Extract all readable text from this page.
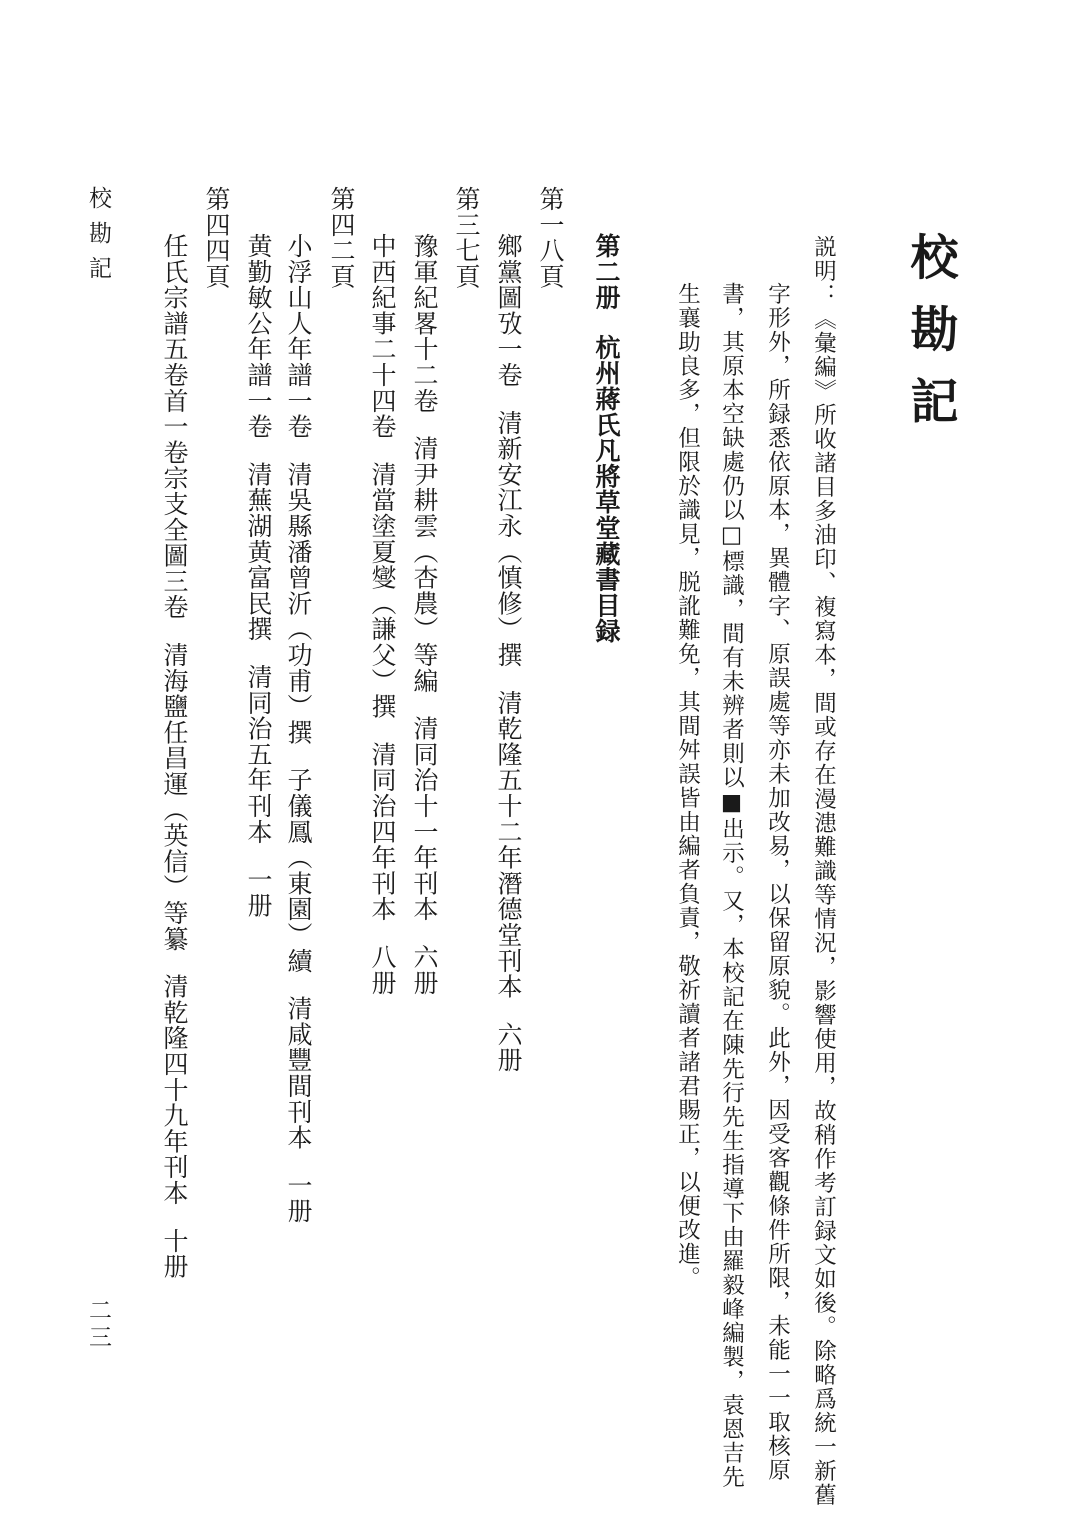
校勘記
説明：《彙編》所收諸目多油印、複寫本，間或存在漫漶難識等情況，影響使用，故稍作考訂録文如後。除略爲統一新舊
字形外，所録悉依原本，異體字、原誤處等亦未加改易，以保留原貌。此外，因受客觀條件所限，未能一一取核原
書，其原本空缺處仍以□標識，間有未辨者則以■出示。又，本校記在陳先行先生指導下由羅毅峰編製，袁恩吉先
生襄助良多，但限於識見，脱訛難免，其間舛誤皆由編者負責，敬祈讀者諸君賜正，以便改進。
第二册杭州蔣氏凡將草堂藏書目録
第一八頁
鄉黨圖攷一卷清新安江永（慎修）撰清乾隆五十二年潛德堂刊本六册
第三七頁
豫軍紀畧十二卷清尹耕雲（杏農）等編清同治十一年刊本六册
中西紀事二十四卷清當塗夏燮（謙父）撰清同治四年刊本八册
第四二頁
小浮山人年譜一卷清吳縣潘曾沂（功甫）撰子儀鳳（東園）續清咸豐間刊本一册
黄勤敏公年譜一卷清蕪湖黄富民撰清同治五年刊本一册
第四四頁
任氏宗譜五卷首一卷宗支全圖三卷清海鹽任昌運（英信）等纂清乾隆四十九年刊本十册
校勘記
二三
